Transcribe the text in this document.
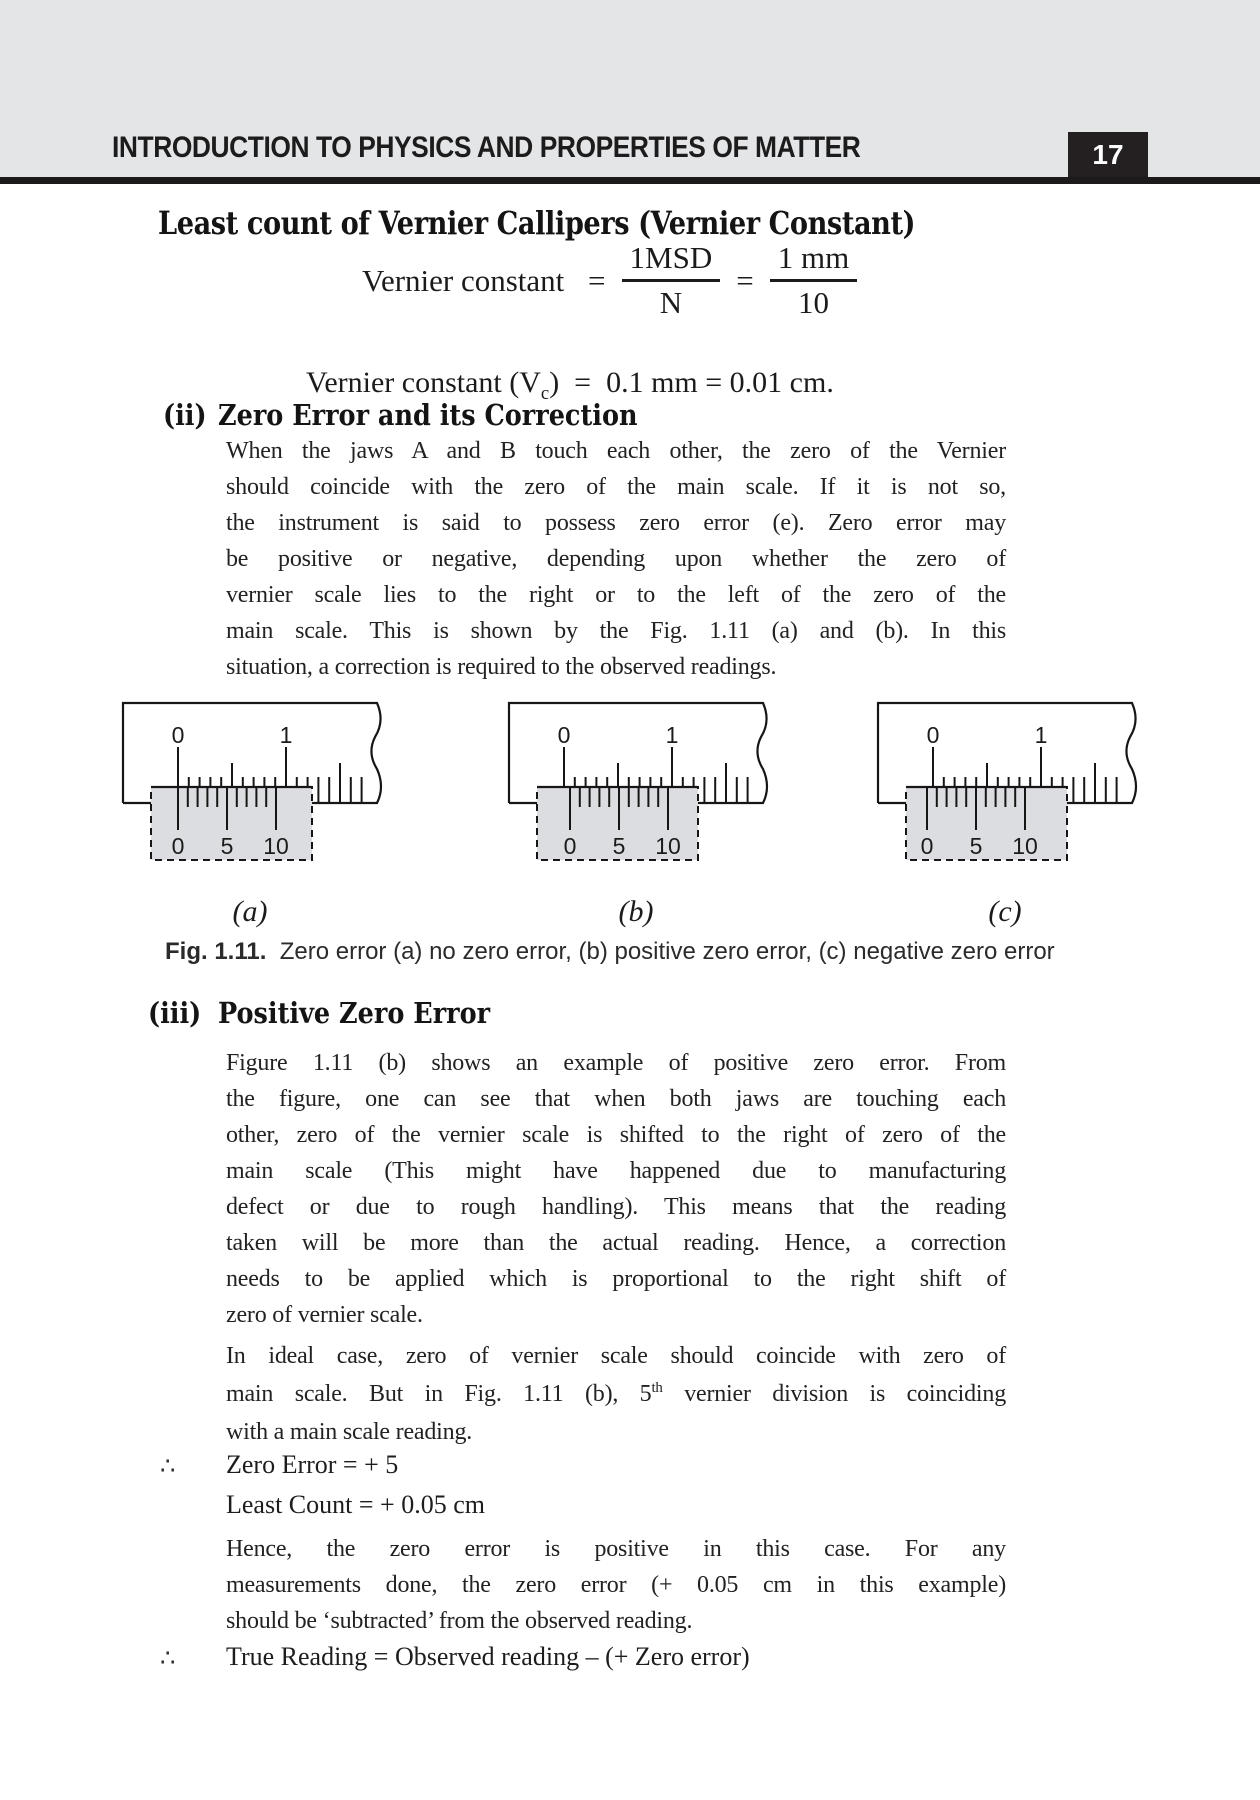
INTRODUCTION TO PHYSICS AND PROPERTIES OF MATTER	17
Least count of Vernier Callipers (Vernier Constant)
Vernier constant = $\frac{\text{1MSD}}{N} = \frac{1 mm}{10}$
Vernier constant $(V_c) = 0.1$ mm = 0.01 cm.
(ii) Zero Error and its Correction
When the jaws A and B touch each other, the zero of the Vernier
should coincide with the zero of the main scale. If it is not so,
the instrument is said to possess zero error (e). Zero error may
be positive or negative, depending upon whether the zero of
vernier scale lies to the right or to the left of the zero of the
main scale. This is shown by the Fig. 1.11 (a) and (b). In this
situation, a correction is required to the observed readings.
0	1
0 5 10
(a)
0	1
0 5 10
(b)
0	1
0 5 10
(c)
Fig. 1.11.  Zero error (a) no zero error, (b) positive zero error, (c) negative zero error
(iii) Positive Zero Error
Figure 1.11 (b) shows an example of positive zero error. From
the figure, one can see that when both jaws are touching each
other, zero of the vernier scale is shifted to the right of zero of the
main scale (This might have happened due to manufacturing
defect or due to rough handling). This means that the reading
taken will be more than the actual reading. Hence, a correction
needs to be applied which is proportional to the right shift of
zero of vernier scale.
In ideal case, zero of vernier scale should coincide with zero of
main scale. But in Fig. 1.11 (b), 5th vernier division is coinciding
with a main scale reading.
∴ Zero Error = + 5
Least Count = + 0.05 cm
Hence, the zero error is positive in this case. For any
measurements done, the zero error (+ 0.05 cm in this example)
should be ‘subtracted’ from the observed reading.
∴ True Reading = Observed reading – (+ Zero error)
